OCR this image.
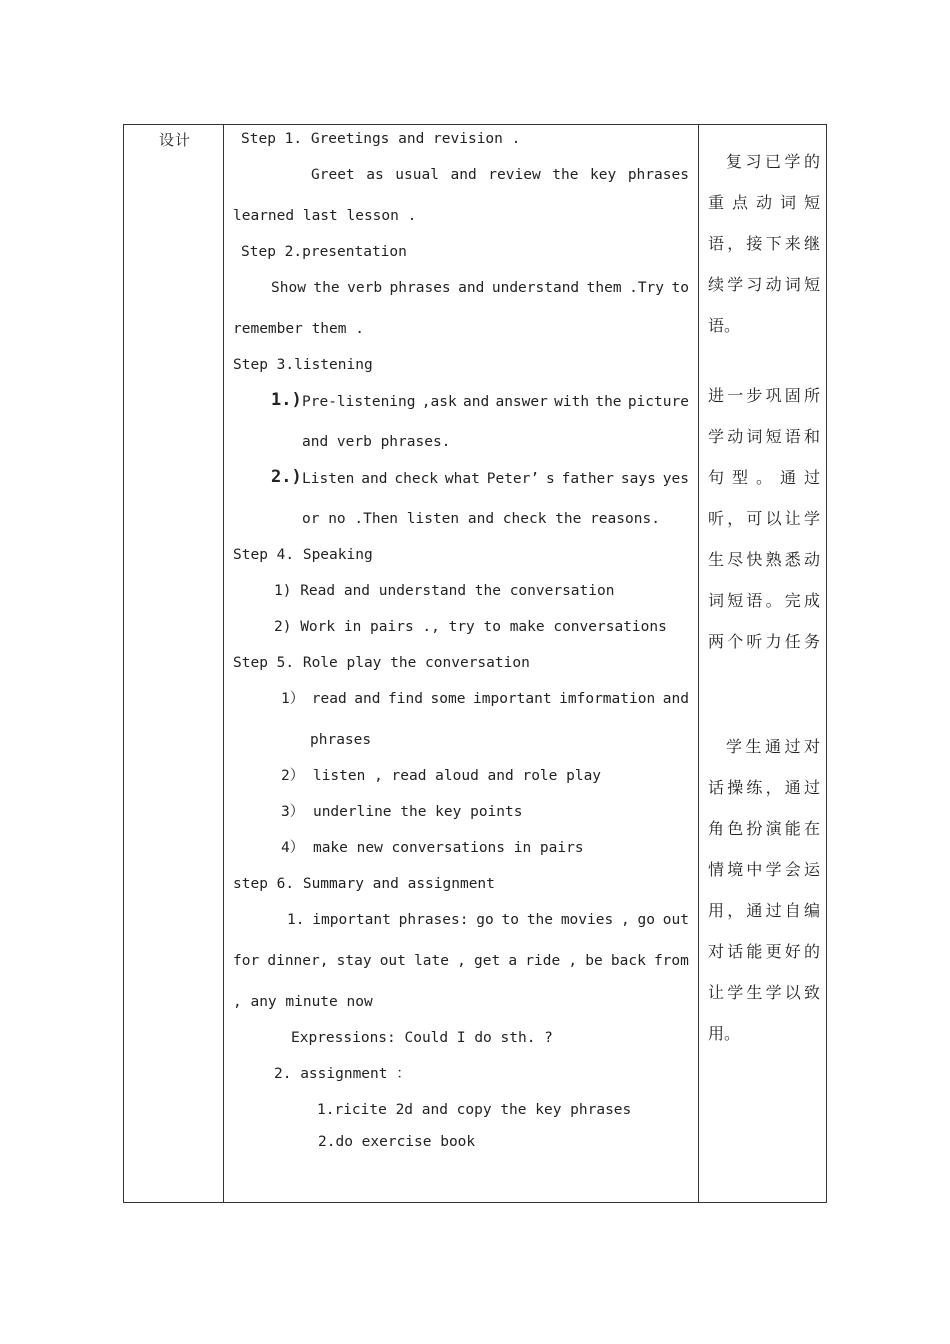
设计	Step 1. Greetings and revision .
Greet as usual and review the key phrases
learned last lesson .
Step 2.presentation
Show the verb phrases and understand them .Try to
remember them .
Step 3.listening
1.) Pre-listening ,ask and answer with the picture
and verb phrases.
2.) Listen and check what Peter’ s father says yes
or no .Then listen and check the reasons.
Step 4. Speaking
1) Read and understand the conversation
2) Work in pairs ., try to make conversations
Step 5. Role play the conversation
1） read and find some important imformation and
phrases
2） listen , read aloud and role play
3） underline the key points
4） make new conversations in pairs
step 6. Summary and assignment
1. important phrases: go to the movies , go out
for dinner, stay out late , get a ride , be back from
, any minute now
Expressions: Could I do sth. ?
2. assignment ：
1.ricite 2d and copy the key phrases
2.do exercise book
复 习 已 学 的
重 点 动 词 短
语 ， 接 下 来 继
续 学 习 动 词 短
语。
进 一 步 巩 固 所
学 动 词 短 语 和
句 型 。 通 过
听 ， 可 以 让 学
生 尽 快 熟 悉 动
词 短 语 。 完 成
两 个 听 力 任 务
学 生 通 过 对
话 操 练 ， 通 过
角 色 扮 演 能 在
情 境 中 学 会 运
用 ， 通 过 自 编
对 话 能 更 好 的
让 学 生 学 以 致
用。
